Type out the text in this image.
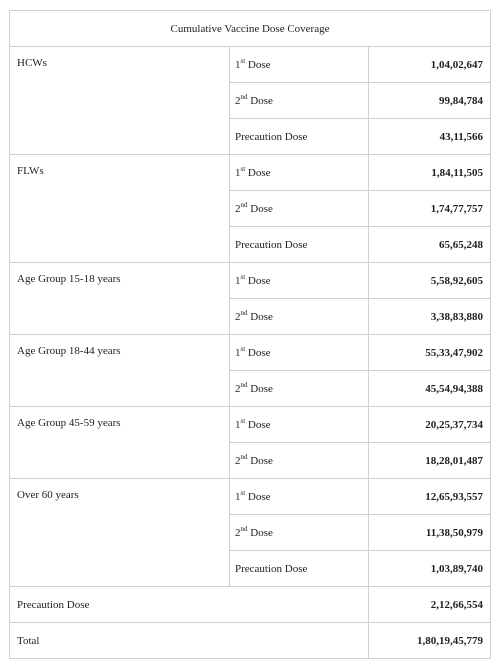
Cumulative Vaccine Dose Coverage		
HCWs	1st Dose	1,04,02,647
	2nd Dose	99,84,784
	Precaution Dose	43,11,566
FLWs	1st Dose	1,84,11,505
	2nd Dose	1,74,77,757
	Precaution Dose	65,65,248
Age Group 15-18 years	1st Dose	5,58,92,605
	2nd Dose	3,38,83,880
Age Group 18-44 years	1st Dose	55,33,47,902
	2nd Dose	45,54,94,388
Age Group 45-59 years	1st Dose	20,25,37,734
	2nd Dose	18,28,01,487
Over 60 years	1st Dose	12,65,93,557
	2nd Dose	11,38,50,979
	Precaution Dose	1,03,89,740
Precaution Dose		2,12,66,554
Total		1,80,19,45,779
